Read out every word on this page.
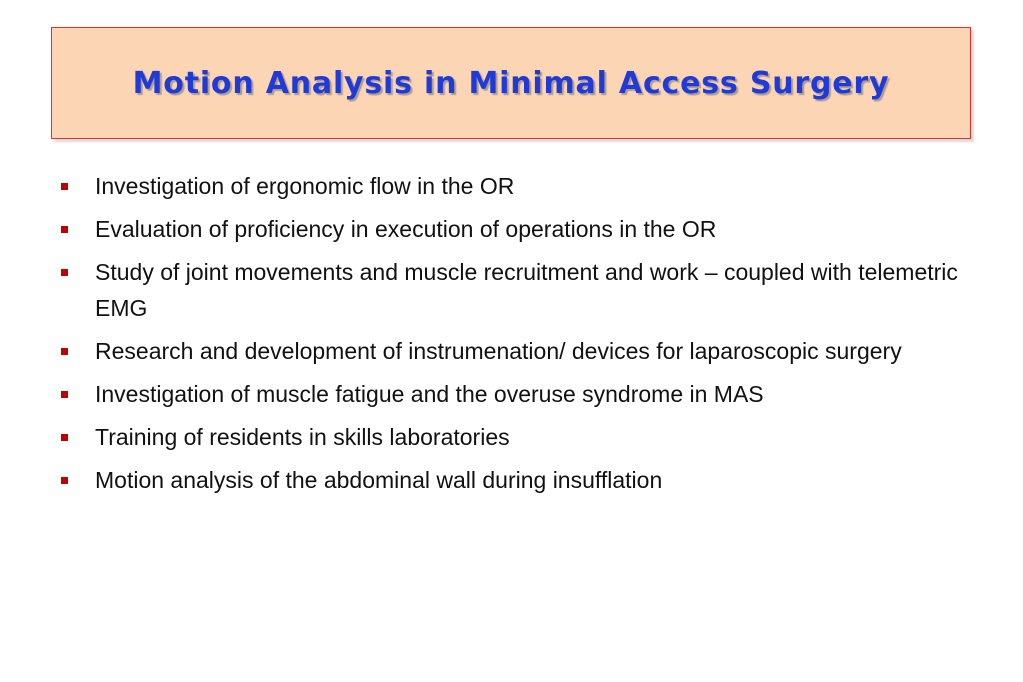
Motion Analysis in Minimal Access Surgery
Investigation of ergonomic flow in the OR
Evaluation of proficiency in execution of operations in the OR
Study of joint movements and muscle recruitment and work – coupled with telemetric EMG
Research and development of instrumenation/ devices for laparoscopic surgery
Investigation of muscle fatigue and the overuse syndrome in MAS
Training of residents in skills laboratories
Motion analysis of the abdominal wall during insufflation
